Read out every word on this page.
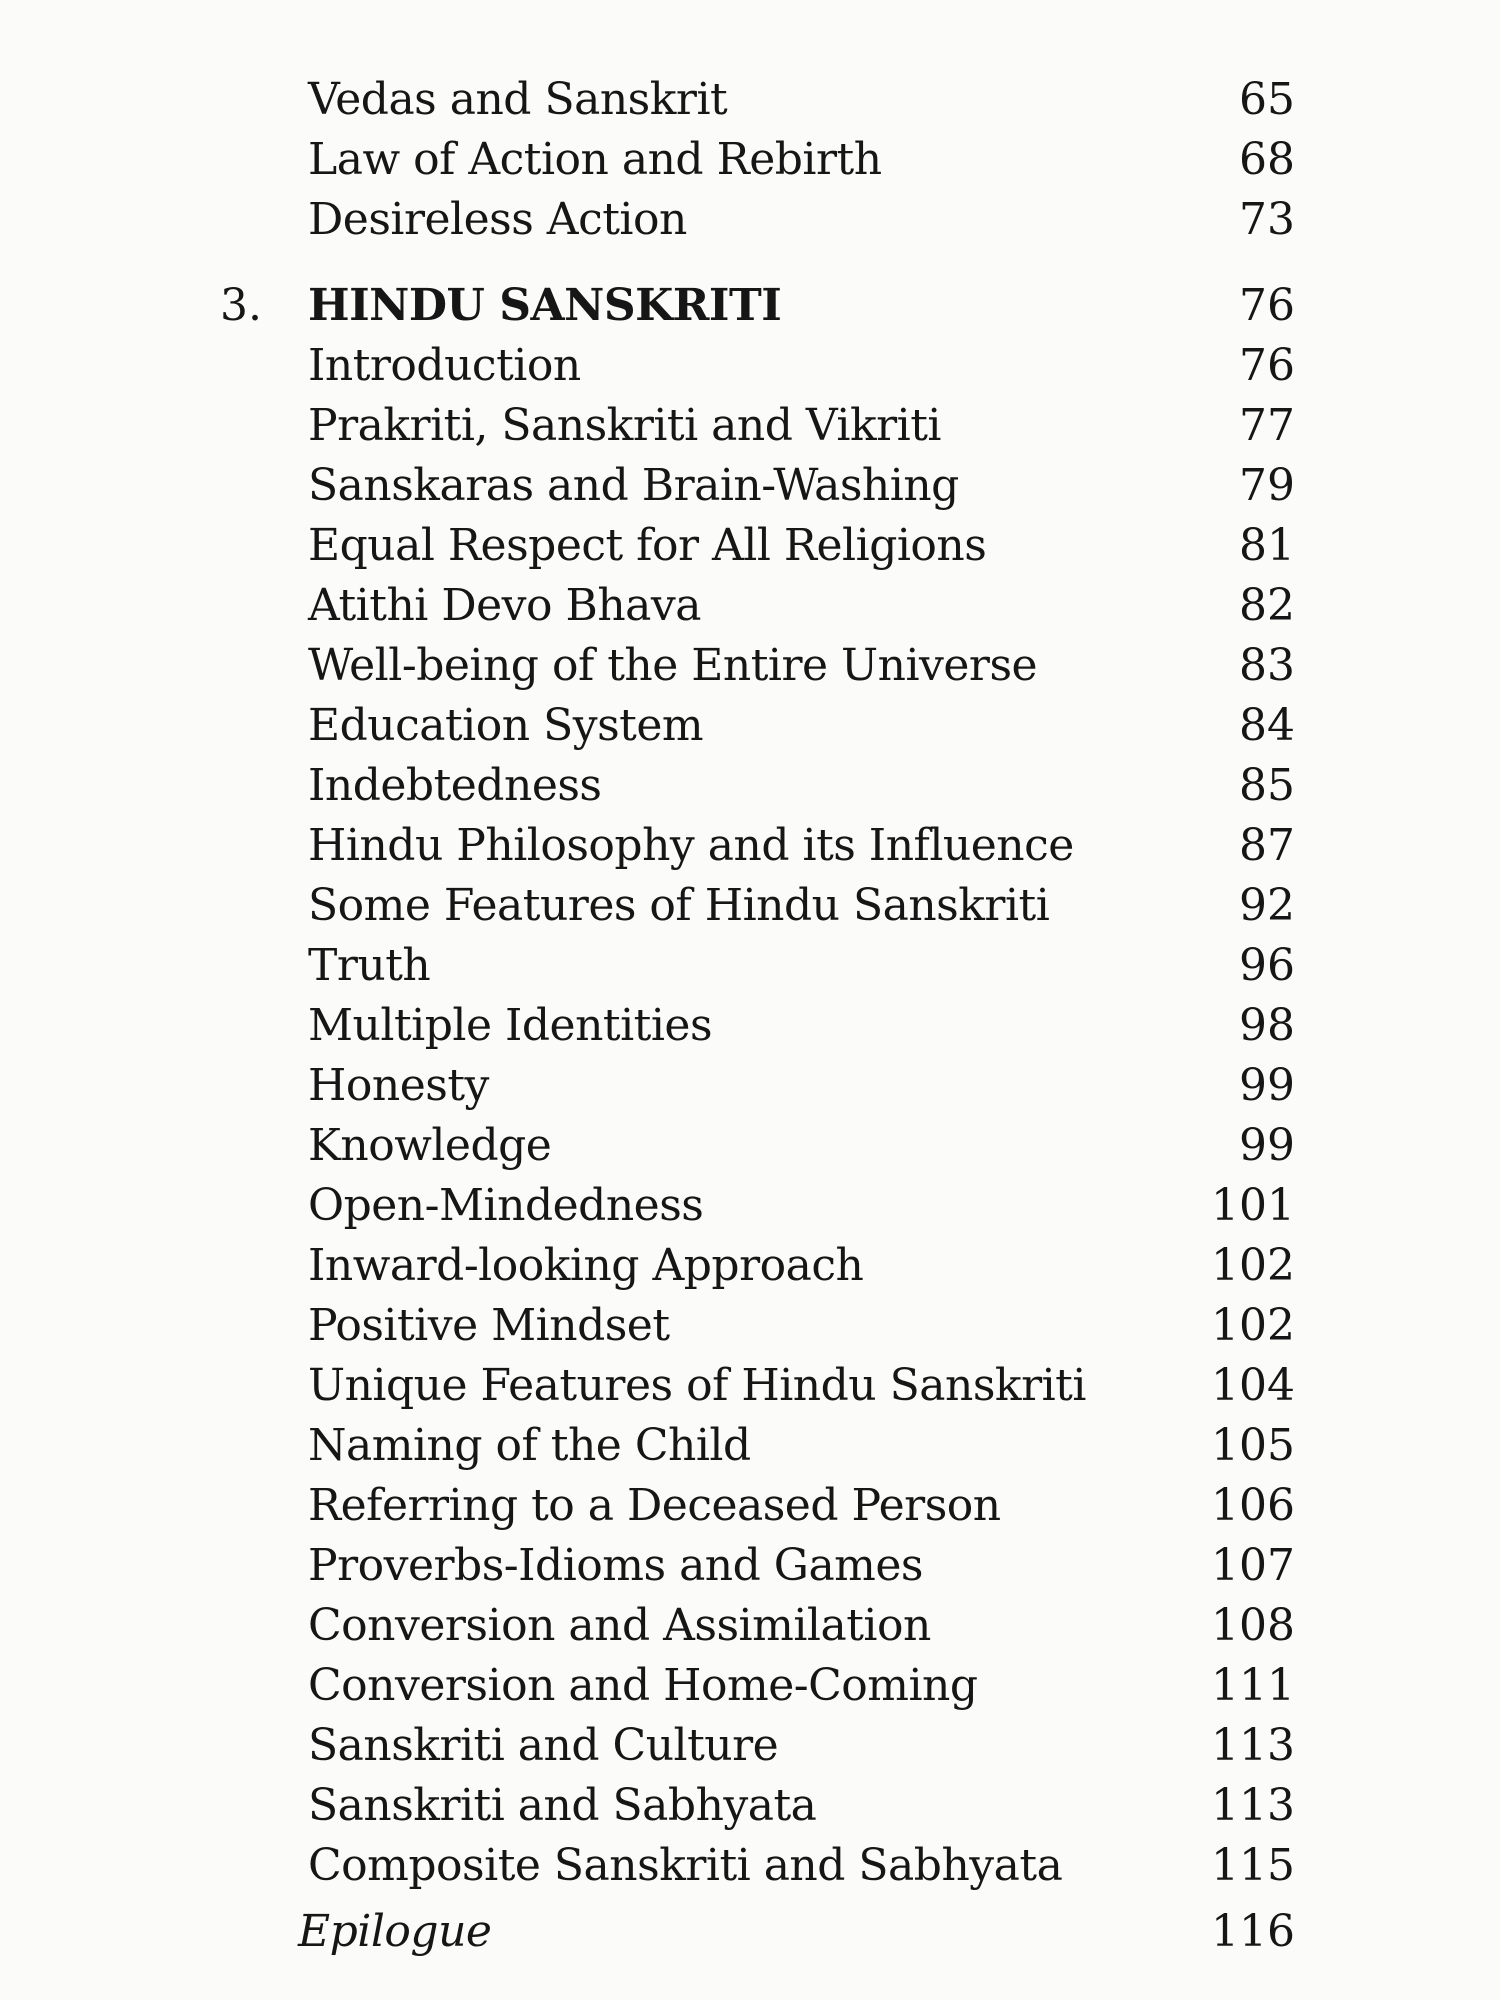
Vedas and Sanskrit	65
Law of Action and Rebirth	68
Desireless Action	73
3. HINDU SANSKRITI	76
Introduction	76
Prakriti, Sanskriti and Vikriti	77
Sanskaras and Brain-Washing	79
Equal Respect for All Religions	81
Atithi Devo Bhava	82
Well-being of the Entire Universe	83
Education System	84
Indebtedness	85
Hindu Philosophy and its Influence	87
Some Features of Hindu Sanskriti	92
Truth	96
Multiple Identities	98
Honesty	99
Knowledge	99
Open-Mindedness	101
Inward-looking Approach	102
Positive Mindset	102
Unique Features of Hindu Sanskriti	104
Naming of the Child	105
Referring to a Deceased Person	106
Proverbs-Idioms and Games	107
Conversion and Assimilation	108
Conversion and Home-Coming	111
Sanskriti and Culture	113
Sanskriti and Sabhyata	113
Composite Sanskriti and Sabhyata	115
Epilogue	116
